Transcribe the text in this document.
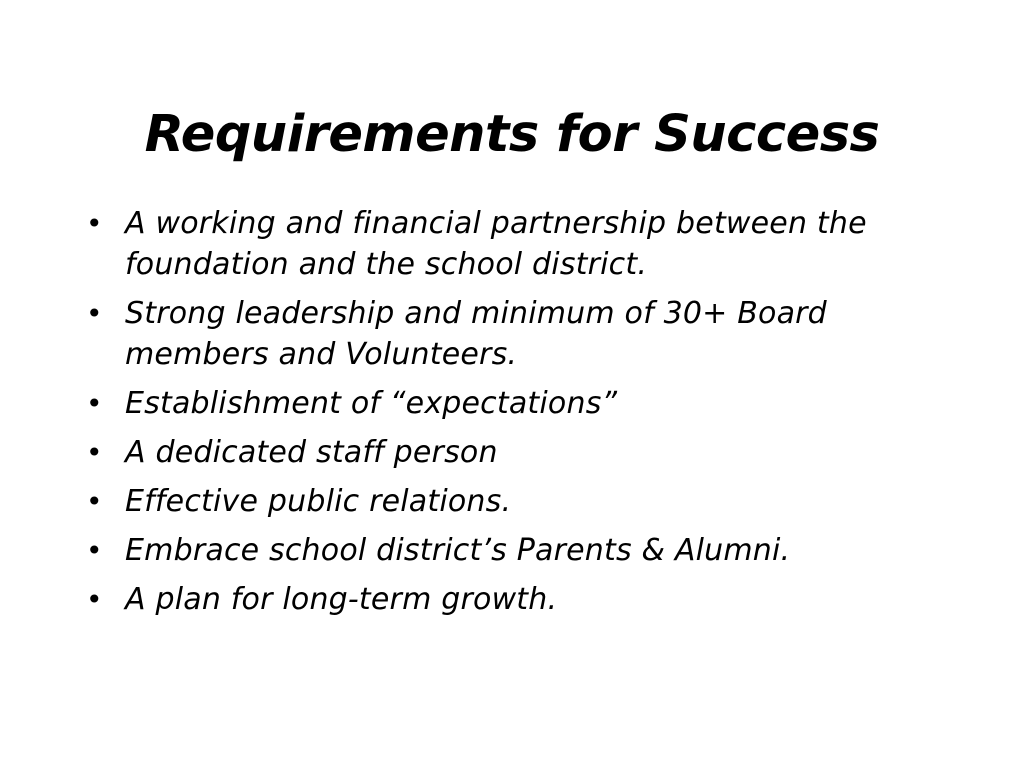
Requirements for Success
• A working and financial partnership between the foundation and the school district.
• Strong leadership and minimum of 30+ Board members and Volunteers.
• Establishment of “expectations”
• A dedicated staff person
• Effective public relations.
• Embrace school district’s Parents & Alumni.
• A plan for long-term growth.
